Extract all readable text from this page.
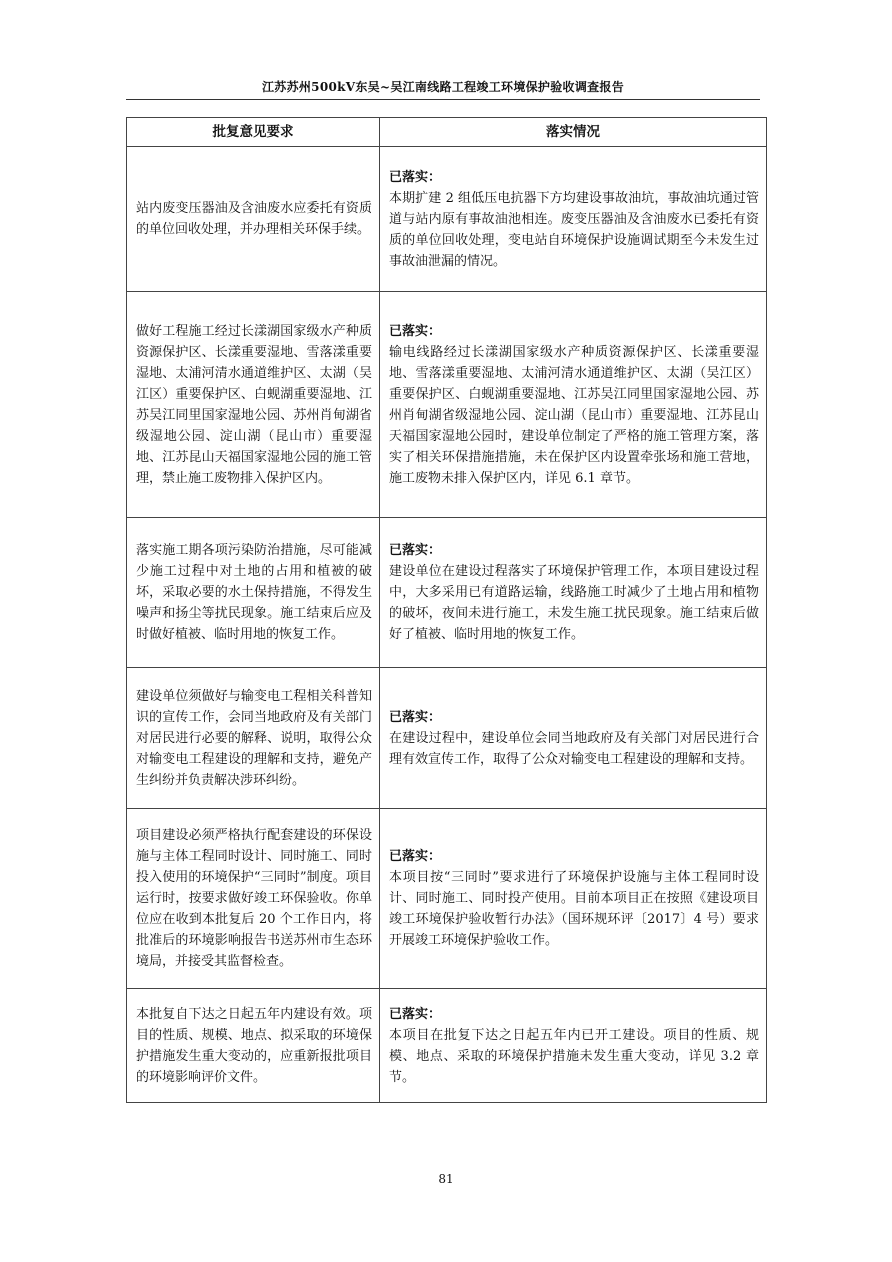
江苏苏州500kV东吴~吴江南线路工程竣工环境保护验收调查报告
批复意见要求	落实情况
站内废变压器油及含油废水应委托有资质的单位回收处理，并办理相关环保手续。	已落实：
本期扩建 2 组低压电抗器下方均建设事故油坑，事故油坑通过管道与站内原有事故油池相连。废变压器油及含油废水已委托有资质的单位回收处理，变电站自环境保护设施调试期至今未发生过事故油泄漏的情况。

做好工程施工经过长漾湖国家级水产种质资源保护区、长漾重要湿地、雪落漾重要湿地、太浦河清水通道维护区、太湖（吴江区）重要保护区、白蚬湖重要湿地、江苏吴江同里国家湿地公园、苏州肖甸湖省级湿地公园、淀山湖（昆山市）重要湿地、江苏昆山天福国家湿地公园的施工管理，禁止施工废物排入保护区内。	已落实：
输电线路经过长漾湖国家级水产种质资源保护区、长漾重要湿地、雪落漾重要湿地、太浦河清水通道维护区、太湖（吴江区）重要保护区、白蚬湖重要湿地、江苏吴江同里国家湿地公园、苏州肖甸湖省级湿地公园、淀山湖（昆山市）重要湿地、江苏昆山天福国家湿地公园时，建设单位制定了严格的施工管理方案，落实了相关环保措施措施，未在保护区内设置牵张场和施工营地，施工废物未排入保护区内，详见 6.1 章节。

落实施工期各项污染防治措施，尽可能减少施工过程中对土地的占用和植被的破坏，采取必要的水土保持措施，不得发生噪声和扬尘等扰民现象。施工结束后应及时做好植被、临时用地的恢复工作。	已落实：
建设单位在建设过程落实了环境保护管理工作，本项目建设过程中，大多采用已有道路运输，线路施工时减少了土地占用和植物的破坏，夜间未进行施工，未发生施工扰民现象。施工结束后做好了植被、临时用地的恢复工作。

建设单位须做好与输变电工程相关科普知识的宣传工作，会同当地政府及有关部门对居民进行必要的解释、说明，取得公众对输变电工程建设的理解和支持，避免产生纠纷并负责解决涉环纠纷。	已落实：
在建设过程中，建设单位会同当地政府及有关部门对居民进行合理有效宣传工作，取得了公众对输变电工程建设的理解和支持。

项目建设必须严格执行配套建设的环保设施与主体工程同时设计、同时施工、同时投入使用的环境保护“三同时”制度。项目运行时，按要求做好竣工环保验收。你单位应在收到本批复后 20 个工作日内，将批准后的环境影响报告书送苏州市生态环境局，并接受其监督检查。	已落实：
本项目按“三同时”要求进行了环境保护设施与主体工程同时设计、同时施工、同时投产使用。目前本项目正在按照《建设项目竣工环境保护验收暂行办法》（国环规环评〔2017〕4 号）要求开展竣工环境保护验收工作。

本批复自下达之日起五年内建设有效。项目的性质、规模、地点、拟采取的环境保护措施发生重大变动的，应重新报批项目的环境影响评价文件。	已落实：
本项目在批复下达之日起五年内已开工建设。项目的性质、规模、地点、采取的环境保护措施未发生重大变动，详见 3.2 章节。
81
